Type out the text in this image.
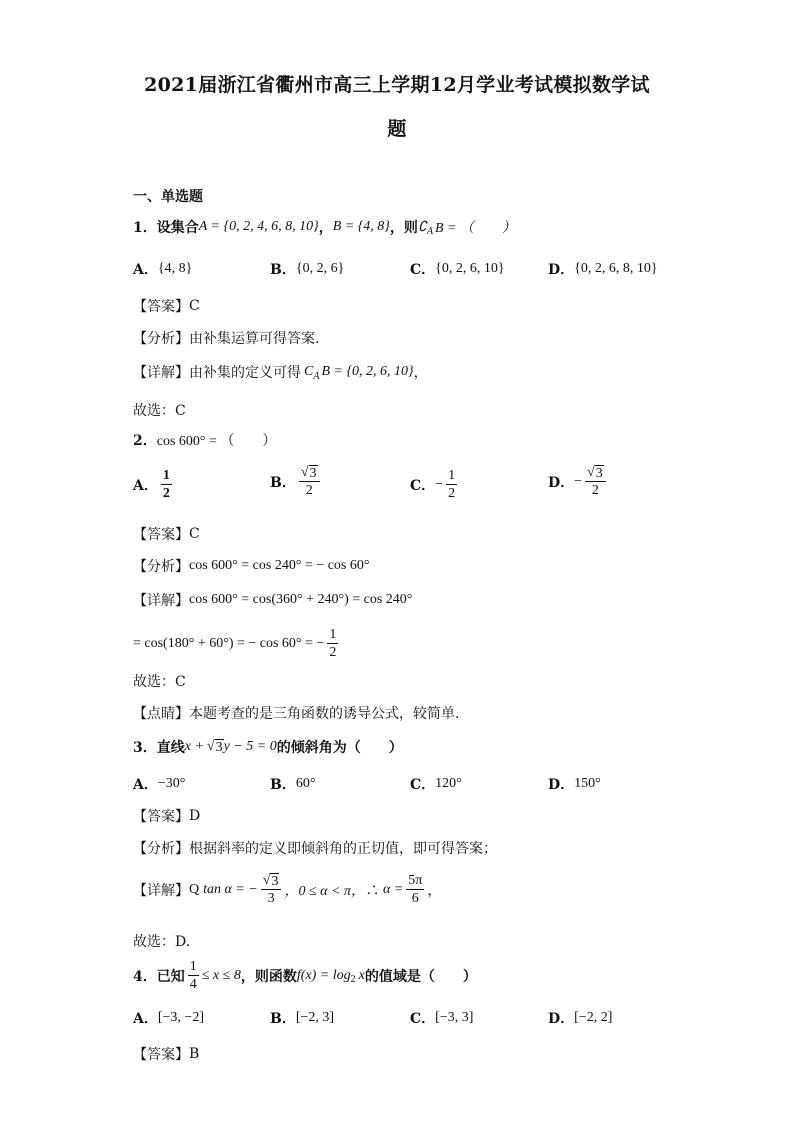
2021届浙江省衢州市高三上学期12月学业考试模拟数学试
题
一、单选题
1．设集合 A = {0, 2, 4, 6, 8, 10} ， B = {4, 8} ，则 ∁ A B = （　　）
A． {4, 8}	B． {0, 2, 6}	C． {0, 2, 6, 10}	D． {0, 2, 6, 8, 10}
【答案】 C
【分析】 由补集运算可得答案.
【详解】 由补集的定义可得 C A B = {0, 2, 6, 10} ，
故选：C
2． cos 600° = （　　）
A． $\frac{1}{2}$	B． $\frac{√ 3}{2}$	C． − $\frac{1}{2}$	D． − $\frac{√ 3}{2}$
【答案】 C
【分析】 cos 600° = cos 240° = − cos 60°
【详解】 cos 600° = cos(360° + 240°) = cos 240°
= cos(180° + 60°) = − cos 60° = − $\frac{1}{2}$
故选：C
【点睛】 本题考查的是三角函数的诱导公式，较简单.
3．直线 x + √ 3 y − 5 = 0 的倾斜角为（　　）
A． −30°	B． 60°	C． 120°	D． 150°
【答案】 D
【分析】 根据斜率的定义即倾斜角的正切值，即可得答案；
【详解】 Q tan α = − $\frac{√ 3}{3}$ ，0 ≤ α < π，∴ $\alpha = \frac{5\pi}{6}$ ，
故选：D.
4．已知 $\frac{1}{4} \le x \le 8$ ，则函数 f(x) = log 2 x 的值域是（　　）
A． [−3, −2]	B． [−2, 3]	C． [−3, 3]	D． [−2, 2]
【答案】 B
